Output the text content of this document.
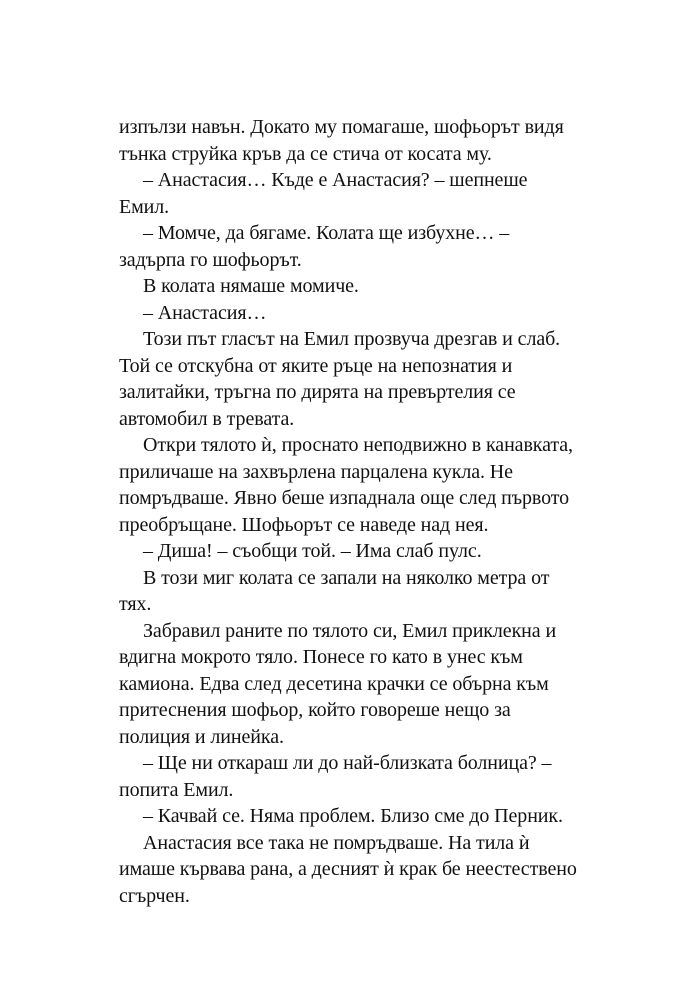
изпълзи навън. Докато му помагаше, шофьорът видя
тънка струйка кръв да се стича от косата му.
– Анастасия… Къде е Анастасия? – шепнеше
Емил.
– Момче, да бягаме. Колата ще избухне… –
задърпа го шофьорът.
В колата нямаше момиче.
– Анастасия…
Този път гласът на Емил прозвуча дрезгав и слаб.
Той се отскубна от яките ръце на непознатия и
залитайки, тръгна по дирята на превъртелия се
автомобил в тревата.
Откри тялото ѝ, проснато неподвижно в канавката,
приличаше на захвърлена парцалена кукла. Не
помръдваше. Явно беше изпаднала още след първото
преобръщане. Шофьорът се наведе над нея.
– Диша! – съобщи той. – Има слаб пулс.
В този миг колата се запали на няколко метра от
тях.
Забравил раните по тялото си, Емил приклекна и
вдигна мокрото тяло. Понесе го като в унес към
камиона. Едва след десетина крачки се обърна към
притеснения шофьор, който говореше нещо за
полиция и линейка.
– Ще ни откараш ли до най-близката болница? –
попита Емил.
– Качвай се. Няма проблем. Близо сме до Перник.
Анастасия все така не помръдваше. На тила ѝ
имаше кървава рана, а десният ѝ крак бе неестествено
сгърчен.
